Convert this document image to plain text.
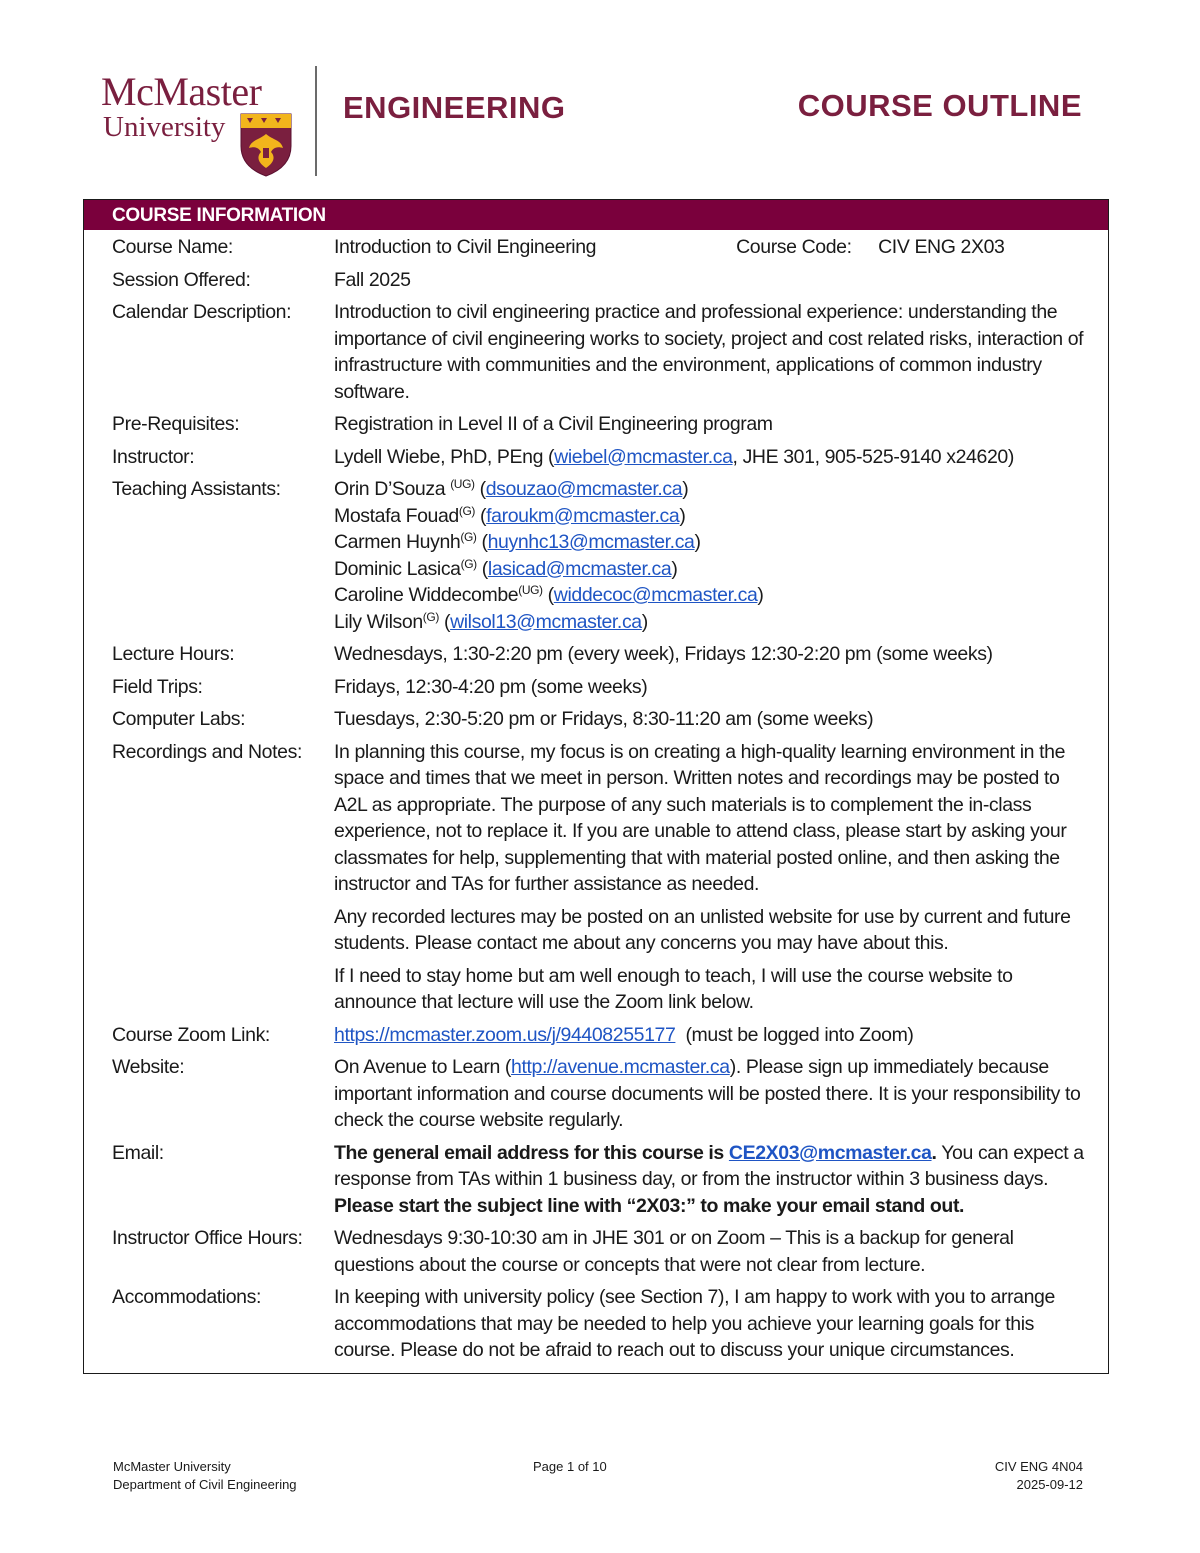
McMaster
University
ENGINEERING	COURSE OUTLINE
COURSE INFORMATION
Course Name:	Introduction to Civil Engineering	Course Code: CIV ENG 2X03
Session Offered:	Fall 2025
Calendar Description:	Introduction to civil engineering practice and professional experience: understanding the importance of civil engineering works to society, project and cost related risks, interaction of infrastructure with communities and the environment, applications of common industry software.
Pre-Requisites:	Registration in Level II of a Civil Engineering program
Instructor:	Lydell Wiebe, PhD, PEng (wiebel@mcmaster.ca, JHE 301, 905-525-9140 x24620)
Teaching Assistants:	Orin D’Souza $^{(UG)}$ (dsouzao@mcmaster.ca)
Mostafa Fouad$^{(G)}$ (faroukm@mcmaster.ca)
Carmen Huynh$^{(G)}$ (huynhc13@mcmaster.ca)
Dominic Lasica$^{(G)}$ (lasicad@mcmaster.ca)
Caroline Widdecombe$^{(UG)}$ (widdecoc@mcmaster.ca)
Lily Wilson$^{(G)}$ (wilsol13@mcmaster.ca)
Lecture Hours:	Wednesdays, 1:30-2:20 pm (every week), Fridays 12:30-2:20 pm (some weeks)
Field Trips:	Fridays, 12:30-4:20 pm (some weeks)
Computer Labs:	Tuesdays, 2:30-5:20 pm or Fridays, 8:30-11:20 am (some weeks)
Recordings and Notes:	In planning this course, my focus is on creating a high-quality learning environment in the space and times that we meet in person. Written notes and recordings may be posted to A2L as appropriate. The purpose of any such materials is to complement the in-class experience, not to replace it. If you are unable to attend class, please start by asking your classmates for help, supplementing that with material posted online, and then asking the instructor and TAs for further assistance as needed.

Any recorded lectures may be posted on an unlisted website for use by current and future students. Please contact me about any concerns you may have about this.

If I need to stay home but am well enough to teach, I will use the course website to announce that lecture will use the Zoom link below.

Course Zoom Link:	https://mcmaster.zoom.us/j/94408255177 (must be logged into Zoom)
Website:	On Avenue to Learn (http://avenue.mcmaster.ca). Please sign up immediately because important information and course documents will be posted there. It is your responsibility to check the course website regularly.
Email:	The general email address for this course is CE2X03@mcmaster.ca. You can expect a response from TAs within 1 business day, or from the instructor within 3 business days.
Please start the subject line with “2X03:” to make your email stand out.
Instructor Office Hours:	Wednesdays 9:30-10:30 am in JHE 301 or on Zoom – This is a backup for general questions about the course or concepts that were not clear from lecture.
Accommodations:	In keeping with university policy (see Section 7), I am happy to work with you to arrange accommodations that may be needed to help you achieve your learning goals for this course. Please do not be afraid to reach out to discuss your unique circumstances.
McMaster University
Department of Civil Engineering
Page 1 of 10	CIV ENG 4N04
2025-09-12
